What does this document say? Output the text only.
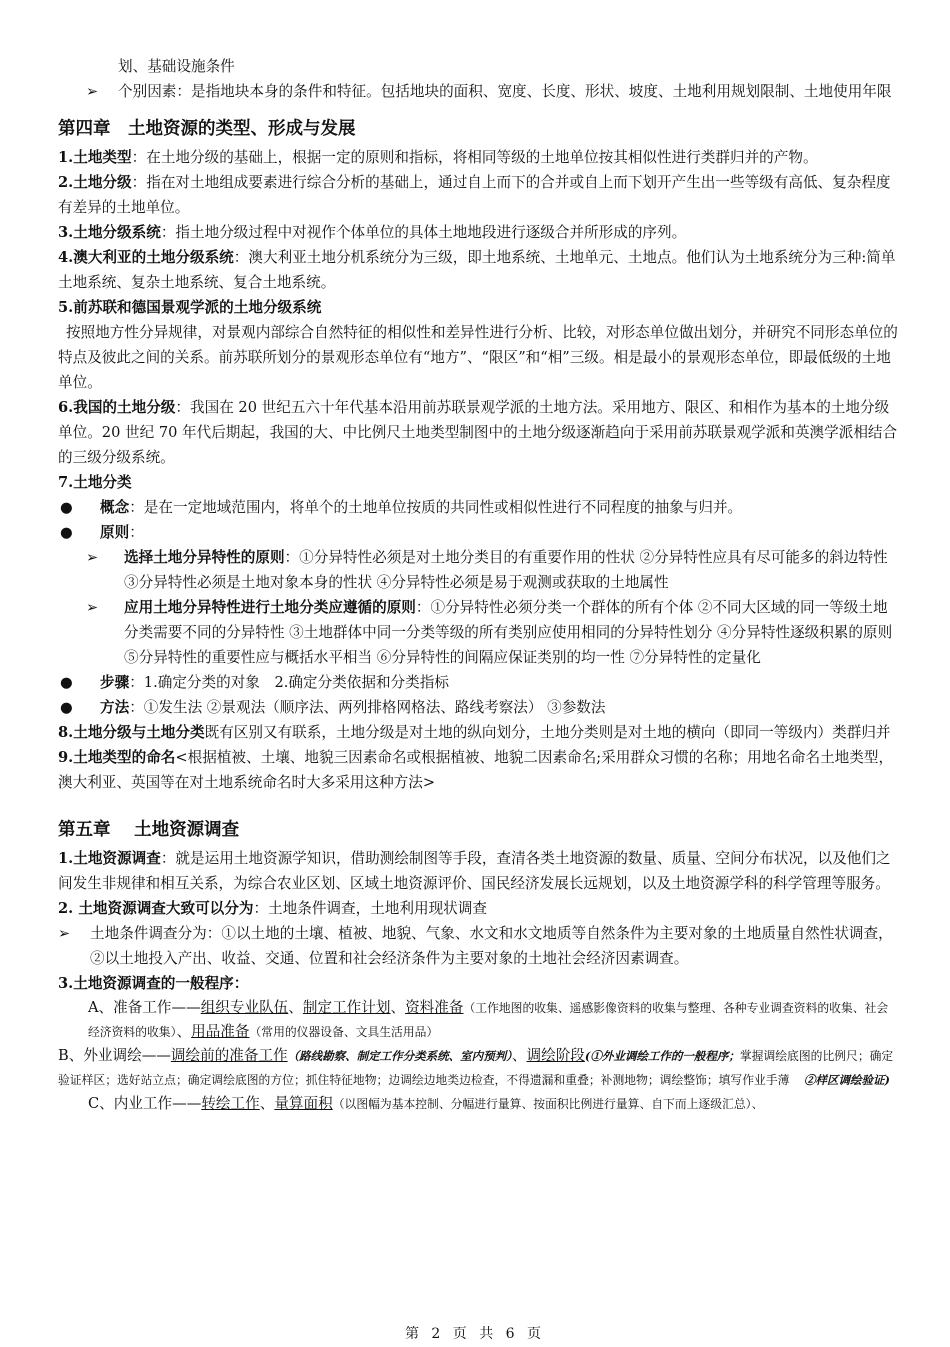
划、基础设施条件

➢	个别因素：是指地块本身的条件和特征。包括地块的面积、宽度、长度、形状、坡度、土地利用规划限制、土地使用年限

第四章　土地资源的类型、形成与发展

1.土地类型：在土地分级的基础上，根据一定的原则和指标，将相同等级的土地单位按其相似性进行类群归并的产物。

2.土地分级：指在对土地组成要素进行综合分析的基础上，通过自上而下的合并或自上而下划开产生出一些等级有高低、复杂程度有差异的土地单位。

3.土地分级系统：指土地分级过程中对视作个体单位的具体土地地段进行逐级合并所形成的序列。

4.澳大利亚的土地分级系统：澳大利亚土地分机系统分为三级，即土地系统、土地单元、土地点。他们认为土地系统分为三种:简单土地系统、复杂土地系统、复合土地系统。

5.前苏联和德国景观学派的土地分级系统

按照地方性分异规律，对景观内部综合自然特征的相似性和差异性进行分析、比较，对形态单位做出划分，并研究不同形态单位的特点及彼此之间的关系。前苏联所划分的景观形态单位有“地方”、“限区”和“相”三级。相是最小的景观形态单位，即最低级的土地单位。

6.我国的土地分级：我国在 20 世纪五六十年代基本沿用前苏联景观学派的土地方法。采用地方、限区、和相作为基本的土地分级单位。20 世纪 70 年代后期起，我国的大、中比例尺土地类型制图中的土地分级逐渐趋向于采用前苏联景观学派和英澳学派相结合的三级分级系统。

7.土地分类

●	概念：是在一定地域范围内，将单个的土地单位按质的共同性或相似性进行不同程度的抽象与归并。
●	原则：
➢	选择土地分异特性的原则：①分异特性必须是对土地分类目的有重要作用的性状 ②分异特性应具有尽可能多的斜边特性 ③分异特性必须是土地对象本身的性状 ④分异特性必须是易于观测或获取的土地属性
➢	应用土地分异特性进行土地分类应遵循的原则：①分异特性必须分类一个群体的所有个体 ②不同大区域的同一等级土地分类需要不同的分异特性 ③土地群体中同一分类等级的所有类别应使用相同的分异特性划分 ④分异特性逐级积累的原则 ⑤分异特性的重要性应与概括水平相当 ⑥分异特性的间隔应保证类别的均一性 ⑦分异特性的定量化
●	步骤：1.确定分类的对象　2.确定分类依据和分类指标
●	方法：①发生法 ②景观法（顺序法、两列排格网格法、路线考察法） ③参数法

8.土地分级与土地分类既有区别又有联系，土地分级是对土地的纵向划分，土地分类则是对土地的横向（即同一等级内）类群归并

9.土地类型的命名<根据植被、土壤、地貌三因素命名或根据植被、地貌二因素命名;采用群众习惯的名称；用地名命名土地类型，澳大利亚、英国等在对土地系统命名时大多采用这种方法>

第五章　 土地资源调查

1.土地资源调查：就是运用土地资源学知识，借助测绘制图等手段，查清各类土地资源的数量、质量、空间分布状况，以及他们之间发生非规律和相互关系，为综合农业区划、区域土地资源评价、国民经济发展长远规划，以及土地资源学科的科学管理等服务。

2. 土地资源调查大致可以分为：土地条件调查，土地利用现状调查

➢	土地条件调查分为：①以土地的土壤、植被、地貌、气象、水文和水文地质等自然条件为主要对象的土地质量自然性状调查，②以土地投入产出、收益、交通、位置和社会经济条件为主要对象的土地社会经济因素调查。

3.土地资源调查的一般程序：

A、准备工作——组织专业队伍、制定工作计划、资料准备（工作地图的收集、遥感影像资料的收集与整理、各种专业调查资料的收集、社会经济资料的收集）、用品准备（常用的仪器设备、文具生活用品）

B、外业调绘——调绘前的准备工作（路线勘察、制定工作分类系统、室内预判）、调绘阶段(①外业调绘工作的一般程序；掌握调绘底图的比例尺；确定验证样区；选好站立点；确定调绘底图的方位；抓住特征地物；边调绘边地类边检查，不得遗漏和重叠；补测地物；调绘整饰；填写作业手薄　 ②样区调绘验证)

C、内业工作——转绘工作、量算面积（以图幅为基本控制、分幅进行量算、按面积比例进行量算、自下而上逐级汇总）、

第 2 页 共 6 页
